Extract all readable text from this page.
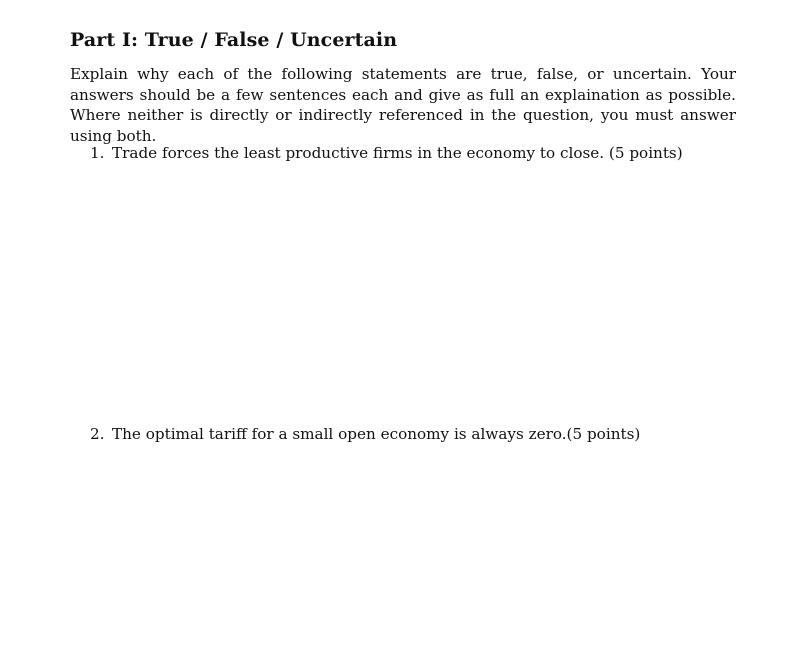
Part I: True / False / Uncertain

Explain why each of the following statements are true, false, or uncertain. Your answers should be a few sentences each and give as full an explaination as possible. Where neither is directly or indirectly referenced in the question, you must answer using both.

1. Trade forces the least productive firms in the economy to close. (5 points)
2. The optimal tariff for a small open economy is always zero.(5 points)
